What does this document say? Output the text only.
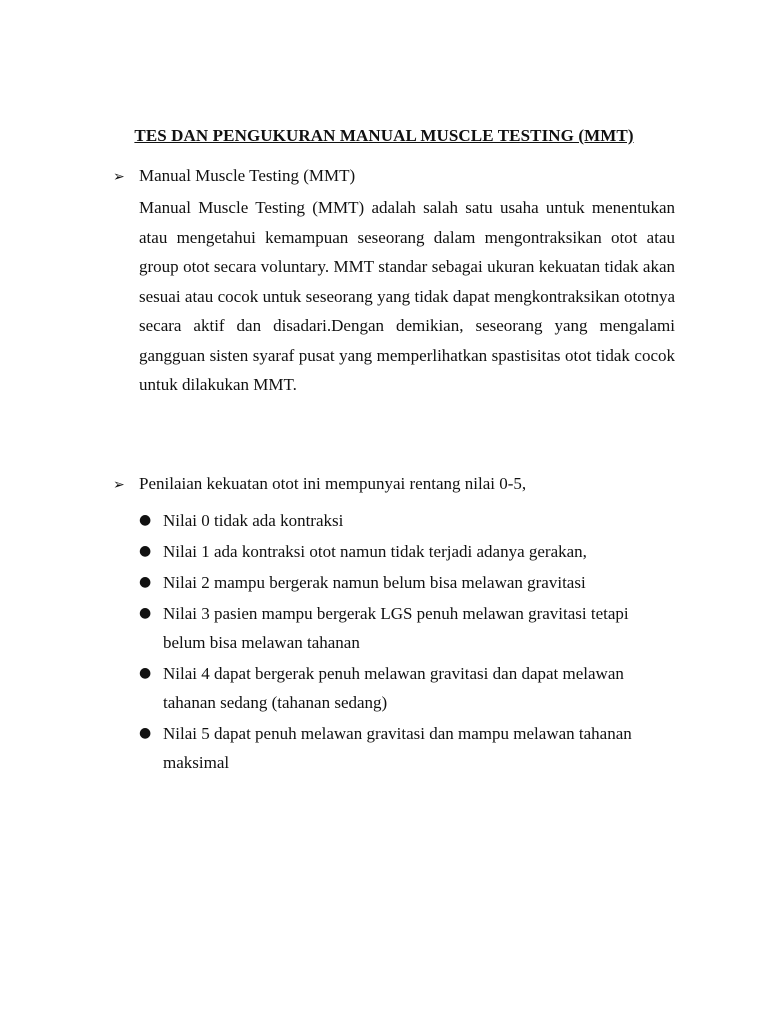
TES DAN PENGUKURAN MANUAL MUSCLE TESTING (MMT)
➢ Manual Muscle Testing (MMT)
Manual Muscle Testing (MMT) adalah salah satu usaha untuk menentukan atau mengetahui kemampuan seseorang dalam mengontraksikan otot atau group otot secara voluntary. MMT standar sebagai ukuran kekuatan tidak akan sesuai atau cocok untuk seseorang yang tidak dapat mengkontraksikan ototnya secara aktif dan disadari.Dengan demikian, seseorang yang mengalami gangguan sisten syaraf pusat yang memperlihatkan spastisitas otot tidak cocok untuk dilakukan MMT.
➢ Penilaian kekuatan otot ini mempunyai rentang nilai 0-5,
● Nilai 0 tidak ada kontraksi
● Nilai 1 ada kontraksi otot namun tidak terjadi adanya gerakan,
● Nilai 2 mampu bergerak namun belum bisa melawan gravitasi
● Nilai 3 pasien mampu bergerak LGS penuh melawan gravitasi tetapi belum bisa melawan tahanan
● Nilai 4 dapat bergerak penuh melawan gravitasi dan dapat melawan tahanan sedang (tahanan sedang)
● Nilai 5 dapat penuh melawan gravitasi dan mampu melawan tahanan maksimal
